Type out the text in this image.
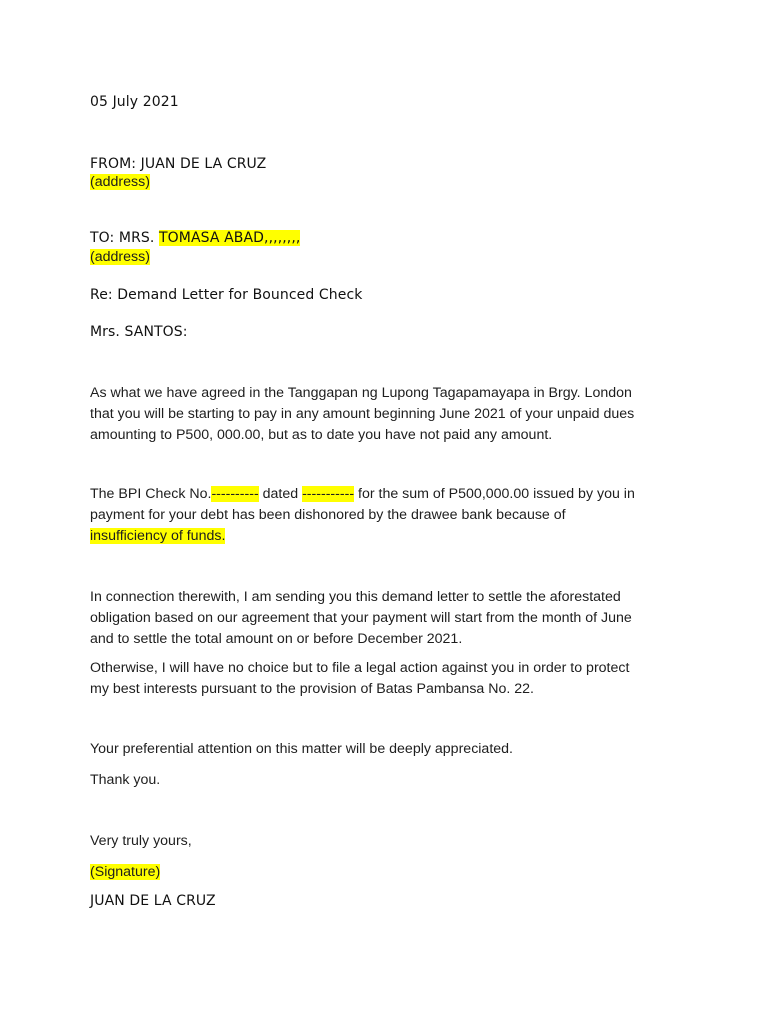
05 July 2021

FROM: JUAN DE LA CRUZ

(address)

TO: MRS. TOMASA ABAD,,,,,,,,

(address)

Re: Demand Letter for Bounced Check

Mrs. SANTOS:

As what we have agreed in the Tanggapan ng Lupong Tagapamayapa in Brgy. London
that you will be starting to pay in any amount beginning June 2021 of your unpaid dues
amounting to P500, 000.00, but as to date you have not paid any amount.
The BPI Check No.---------- dated ----------- for the sum of P500,000.00 issued by you in
payment for your debt has been dishonored by the drawee bank because of
insufficiency of funds.
In connection therewith, I am sending you this demand letter to settle the aforestated
obligation based on our agreement that your payment will start from the month of June
and to settle the total amount on or before December 2021.
Otherwise, I will have no choice but to file a legal action against you in order to protect
my best interests pursuant to the provision of Batas Pambansa No. 22.

Your preferential attention on this matter will be deeply appreciated.

Thank you.

Very truly yours,

(Signature)

JUAN DE LA CRUZ
